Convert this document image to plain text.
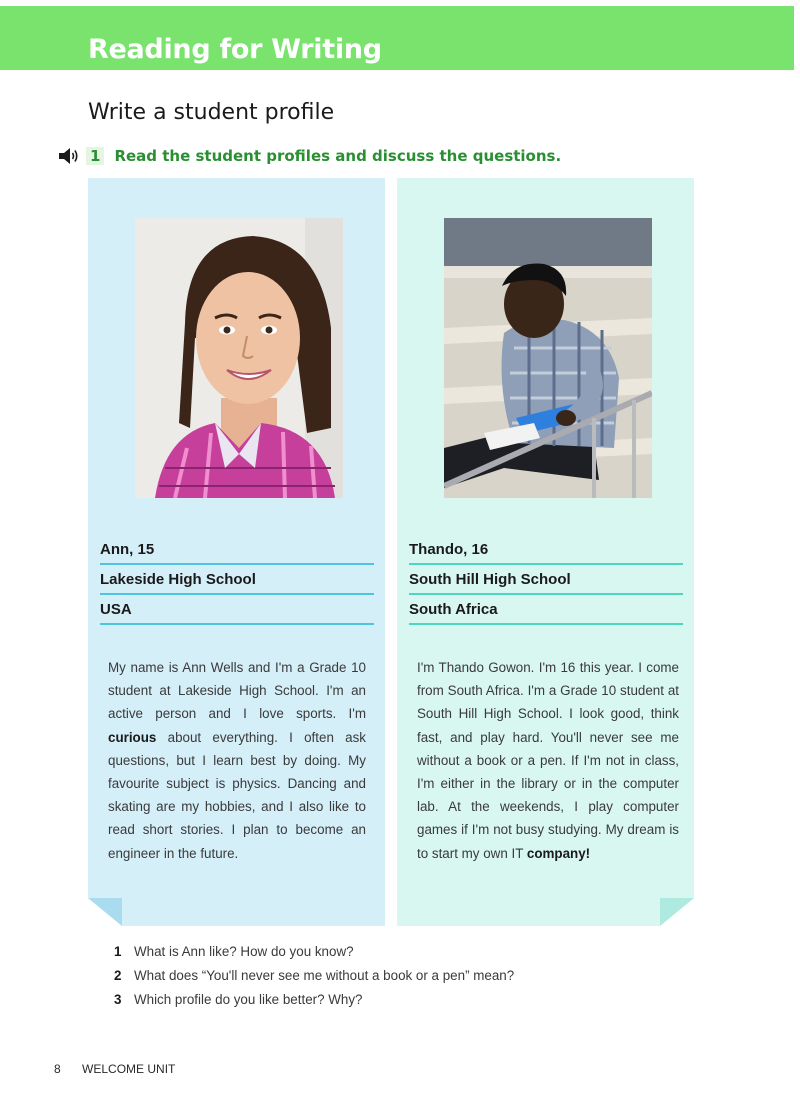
Reading for Writing
Write a student profile
1 Read the student profiles and discuss the questions.
Ann, 15
Lakeside High School
USA
My name is Ann Wells and I'm a Grade 10 student at Lakeside High School. I'm an active person and I love sports. I'm curious about everything. I often ask questions, but I learn best by doing. My favourite subject is physics. Dancing and skating are my hobbies, and I also like to read short stories. I plan to become an engineer in the future.
Thando, 16
South Hill High School
South Africa
I'm Thando Gowon. I'm 16 this year. I come from South Africa. I'm a Grade 10 student at South Hill High School. I look good, think fast, and play hard. You'll never see me without a book or a pen. If I'm not in class, I'm either in the library or in the computer lab. At the weekends, I play computer games if I'm not busy studying. My dream is to start my own IT company!
1 What is Ann like? How do you know?
2 What does “You'll never see me without a book or a pen” mean?
3 Which profile do you like better? Why?
8 WELCOME UNIT
